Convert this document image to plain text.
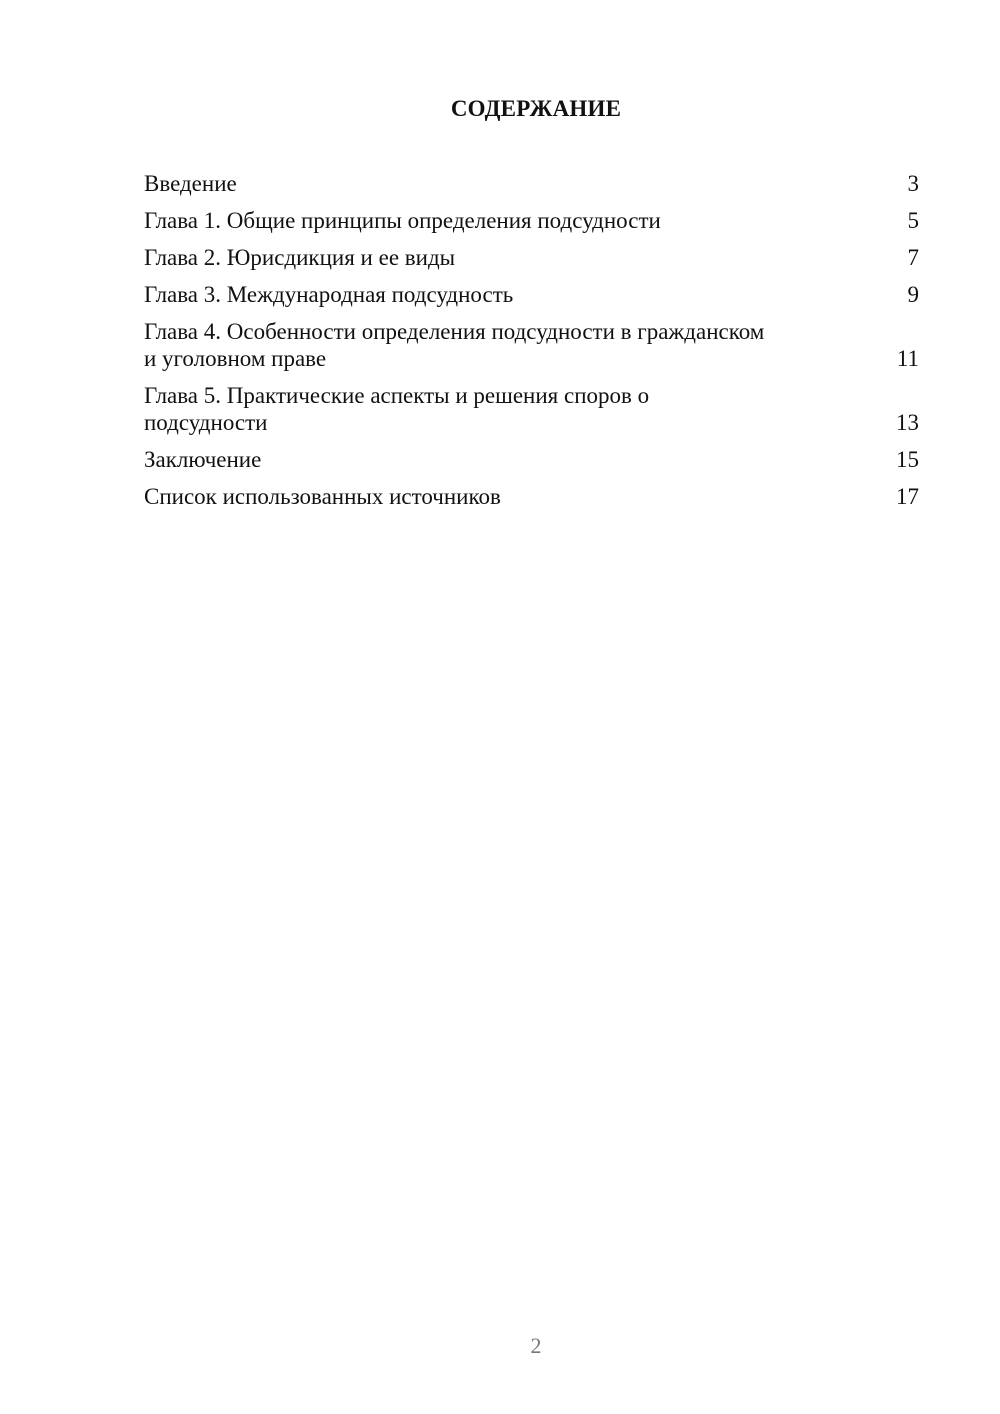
СОДЕРЖАНИЕ
Введение	3
Глава 1. Общие принципы определения подсудности	5
Глава 2. Юрисдикция и ее виды	7
Глава 3. Международная подсудность	9
Глава 4. Особенности определения подсудности в гражданском
и уголовном праве	11
Глава 5. Практические аспекты и решения споров о
подсудности	13
Заключение	15
Список использованных источников	17
2
